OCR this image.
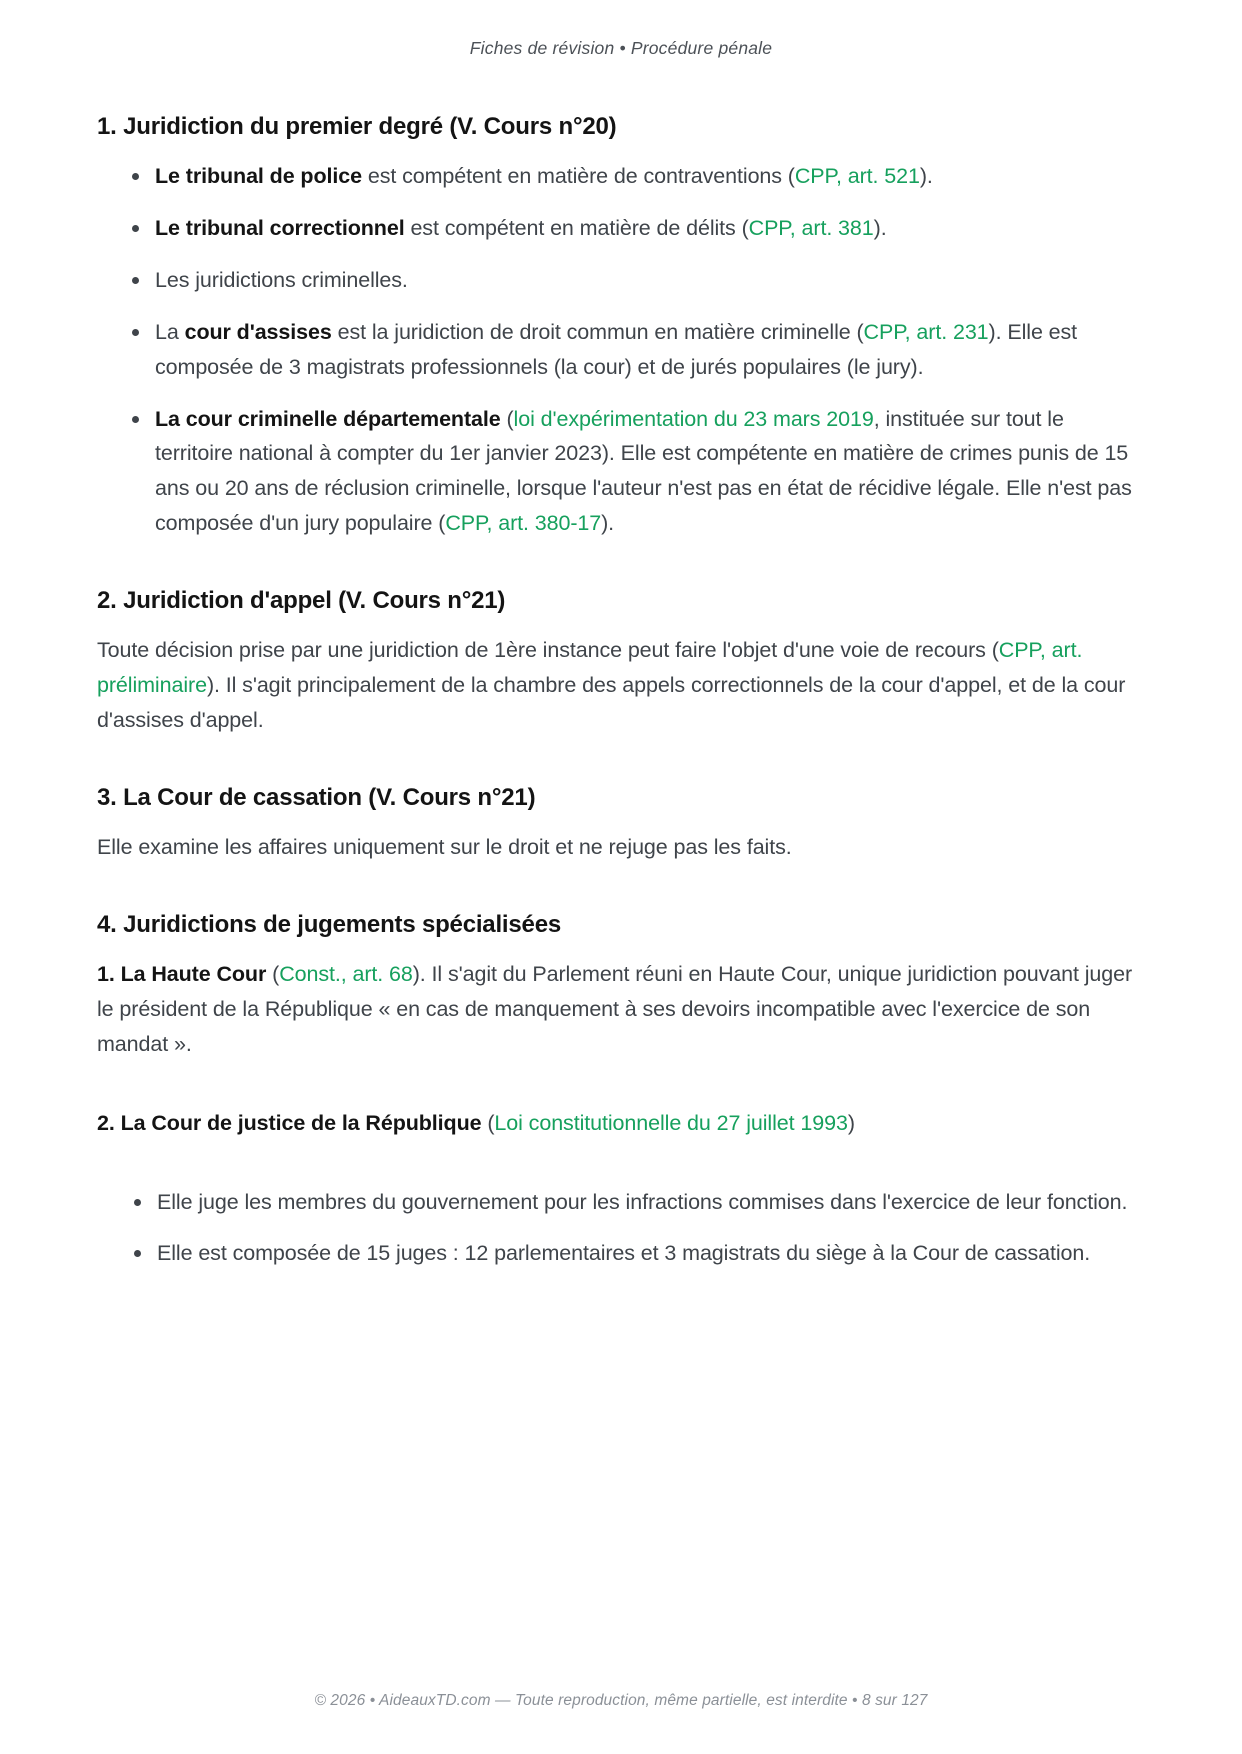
Fiches de révision • Procédure pénale
1. Juridiction du premier degré (V. Cours n°20)
Le tribunal de police est compétent en matière de contraventions (CPP, art. 521).
Le tribunal correctionnel est compétent en matière de délits (CPP, art. 381).
Les juridictions criminelles.
La cour d'assises est la juridiction de droit commun en matière criminelle (CPP, art. 231). Elle est composée de 3 magistrats professionnels (la cour) et de jurés populaires (le jury).
La cour criminelle départementale (loi d'expérimentation du 23 mars 2019, instituée sur tout le territoire national à compter du 1er janvier 2023). Elle est compétente en matière de crimes punis de 15 ans ou 20 ans de réclusion criminelle, lorsque l'auteur n'est pas en état de récidive légale. Elle n'est pas composée d'un jury populaire (CPP, art. 380-17).
2. Juridiction d'appel (V. Cours n°21)

Toute décision prise par une juridiction de 1ère instance peut faire l'objet d'une voie de recours (CPP, art. préliminaire). Il s'agit principalement de la chambre des appels correctionnels de la cour d'appel, et de la cour d'assises d'appel.

3. La Cour de cassation (V. Cours n°21)

Elle examine les affaires uniquement sur le droit et ne rejuge pas les faits.

4. Juridictions de jugements spécialisées

1. La Haute Cour (Const., art. 68). Il s'agit du Parlement réuni en Haute Cour, unique juridiction pouvant juger le président de la République « en cas de manquement à ses devoirs incompatible avec l'exercice de son mandat ».

2. La Cour de justice de la République (Loi constitutionnelle du 27 juillet 1993)

Elle juge les membres du gouvernement pour les infractions commises dans l'exercice de leur fonction.
Elle est composée de 15 juges : 12 parlementaires et 3 magistrats du siège à la Cour de cassation.
© 2026 • AideauxTD.com — Toute reproduction, même partielle, est interdite • 8 sur 127
